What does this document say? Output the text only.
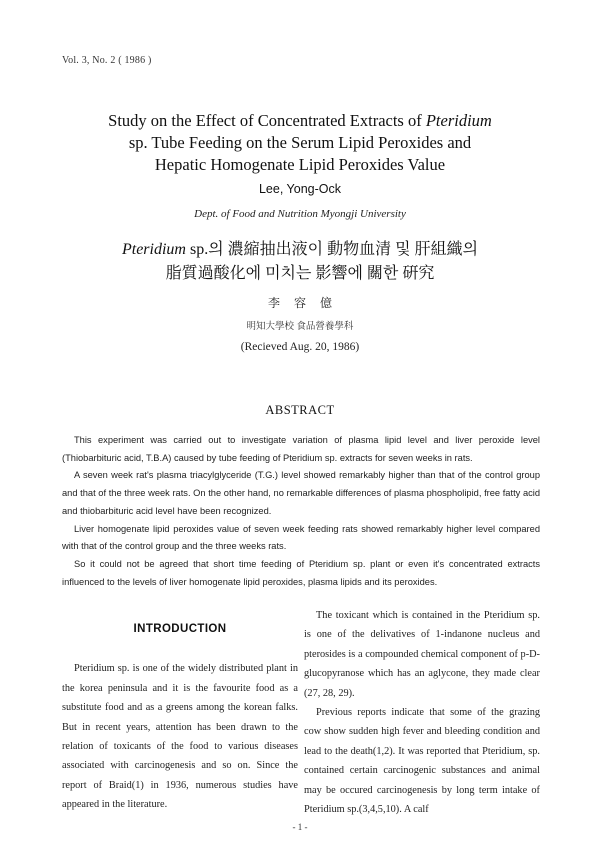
Vol. 3, No. 2 ( 1986 )
Study on the Effect of Concentrated Extracts of Pteridium
sp. Tube Feeding on the Serum Lipid Peroxides and
Hepatic Homogenate Lipid Peroxides Value
Lee, Yong-Ock
Dept. of Food and Nutrition Myongji University
Pteridium sp.의 濃縮抽出液이 動物血清 및 肝組織의
脂質過酸化에 미치는 影響에 關한 硏究
李容億
明知大學校 食品營養學科
(Recieved Aug. 20, 1986)
ABSTRACT

This experiment was carried out to investigate variation of plasma lipid level and liver peroxide level (Thiobarbituric acid, T.B.A) caused by tube feeding of Pteridium sp. extracts for seven weeks in rats.

A seven week rat's plasma triacylglyceride (T.G.) level showed remarkably higher than that of the control group and that of the three week rats. On the other hand, no remarkable differences of plasma phospholipid, free fatty acid and thiobarbituric acid level have been recognized.

Liver homogenate lipid peroxides value of seven week feeding rats showed remarkably higher level compared with that of the control group and the three weeks rats.

So it could not be agreed that short time feeding of Pteridium sp. plant or even it's concentrated extracts influenced to the levels of liver homogenate lipid peroxides, plasma lipids and its peroxides.

INTRODUCTION

Pteridium sp. is one of the widely distributed plant in the korea peninsula and it is the favourite food as a substitute food and as a greens among the korean falks. But in recent years, attention has been drawn to the relation of toxicants of the food to various diseases associated with carcinogenesis and so on. Since the report of Braid(1) in 1936, numerous studies have appeared in the literature.

The toxicant which is contained in the Pteridium sp. is one of the delivatives of 1-indanone nucleus and pterosides is a compounded chemical component of p-D-glucopyranose which has an aglycone, they made clear (27, 28, 29).

Previous reports indicate that some of the grazing cow show sudden high fever and bleeding condition and lead to the death(1,2). It was reported that Pteridium, sp. contained certain carcinogenic substances and animal may be occured carcinogenesis by long term intake of Pteridium sp.(3,4,5,10). A calf

- 1 -
